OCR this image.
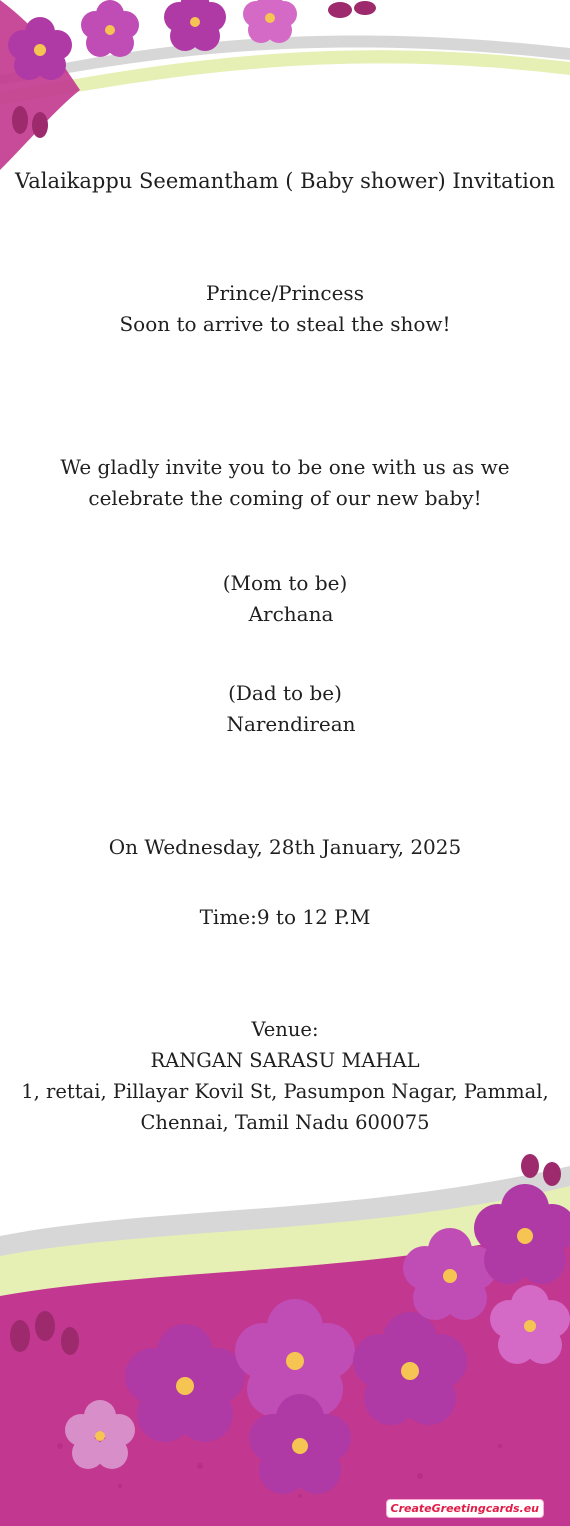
Valaikappu Seemantham ( Baby shower) Invitation
Prince/Princess
Soon to arrive to steal the show!
We gladly invite you to be one with us as we
celebrate the coming of our new baby!
(Mom to be)
Archana
(Dad to be)
Narendirean
On Wednesday, 28th January, 2025
Time:9 to 12 P.M
Venue:
RANGAN SARASU MAHAL
1, rettai, Pillayar Kovil St, Pasumpon Nagar, Pammal,
Chennai, Tamil Nadu 600075
CreateGreetingcards.eu
